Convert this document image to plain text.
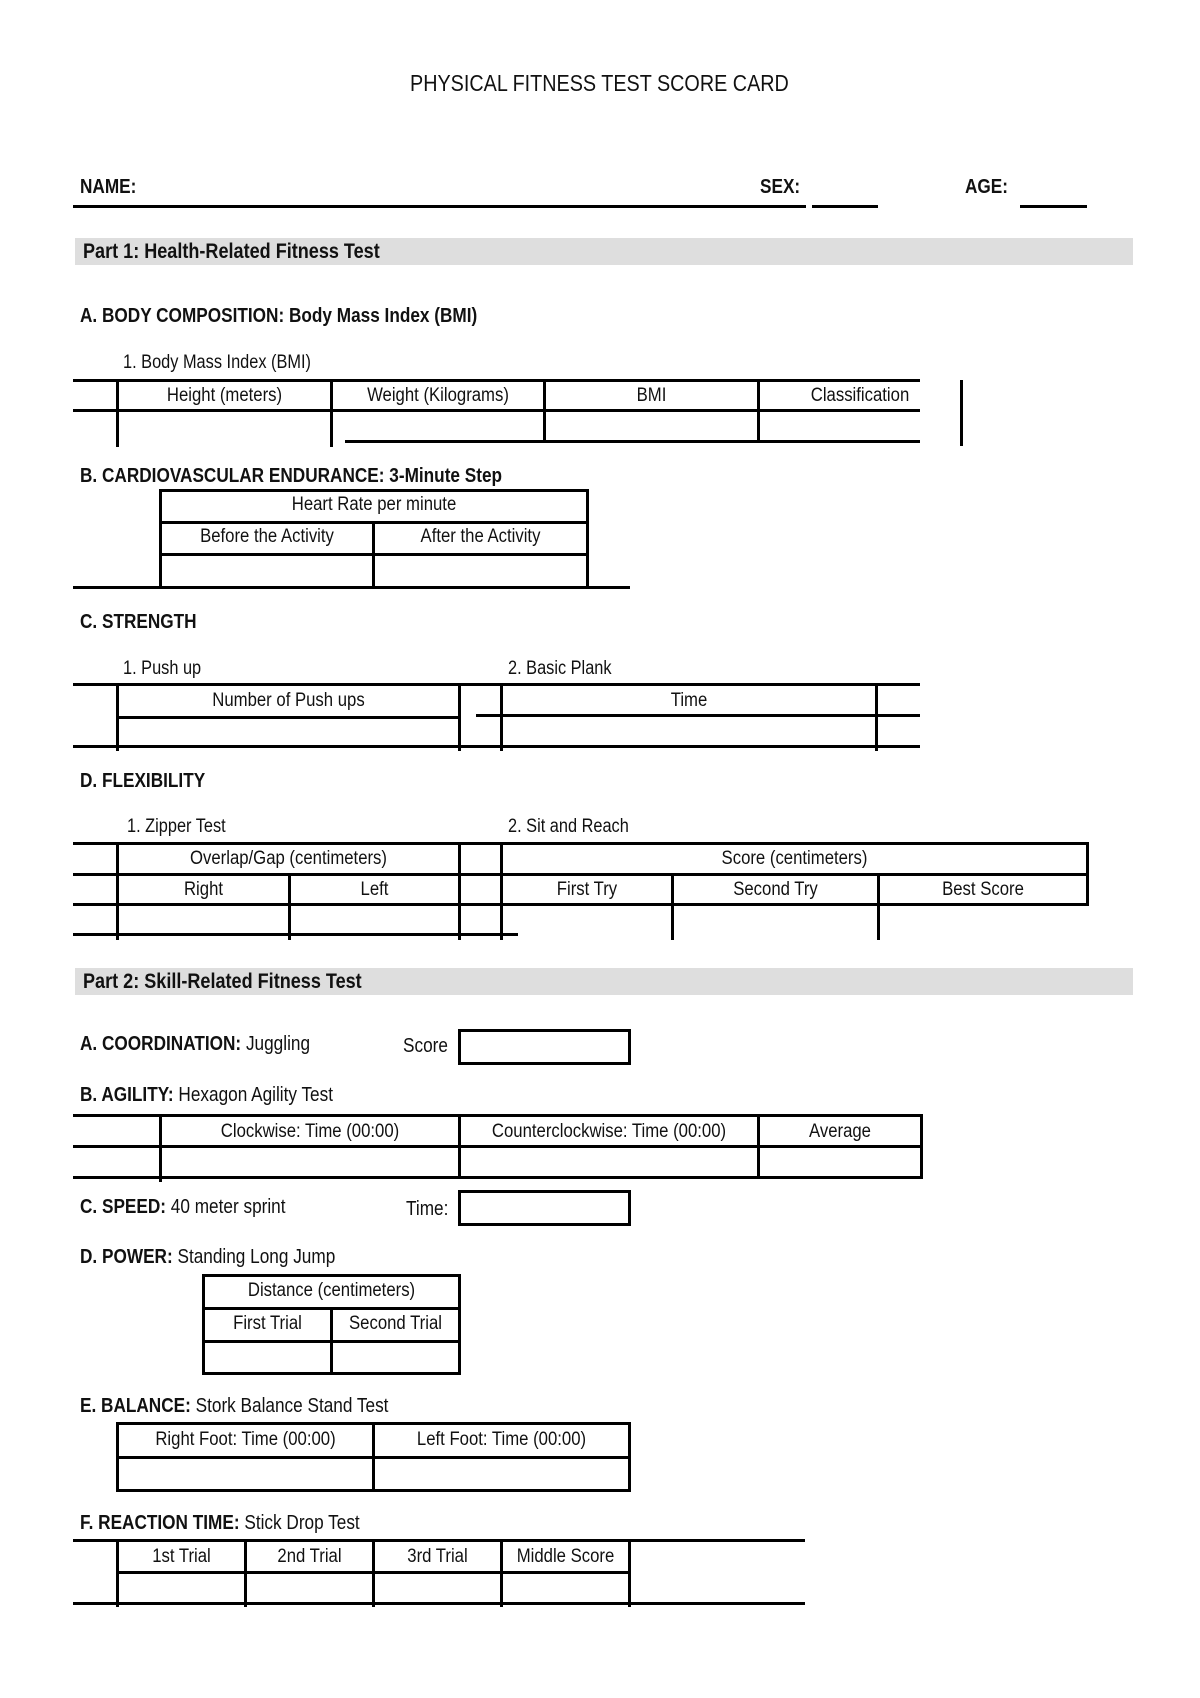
PHYSICAL FITNESS TEST SCORE CARD
NAME:	SEX:	AGE:
Part 1: Health-Related Fitness Test
A. BODY COMPOSITION: Body Mass Index (BMI)
1. Body Mass Index (BMI)
Height (meters)	Weight (Kilograms)	BMI	Classification
B. CARDIOVASCULAR ENDURANCE: 3-Minute Step
Heart Rate per minute
Before the Activity	After the Activity
C. STRENGTH
1. Push up	2. Basic Plank
Number of Push ups	Time
D. FLEXIBILITY
1. Zipper Test	2. Sit and Reach
Overlap/Gap (centimeters)
Right	Left
Score (centimeters)
First Try	Second Try	Best Score
Part 2: Skill-Related Fitness Test
A. COORDINATION: Juggling	Score
B. AGILITY: Hexagon Agility Test
Clockwise: Time (00:00)	Counterclockwise: Time (00:00)	Average
C. SPEED: 40 meter sprint	Time:
D. POWER: Standing Long Jump
Distance (centimeters)
First Trial	Second Trial
E. BALANCE: Stork Balance Stand Test
Right Foot: Time (00:00)	Left Foot: Time (00:00)
F. REACTION TIME: Stick Drop Test
1st Trial	2nd Trial	3rd Trial	Middle Score
